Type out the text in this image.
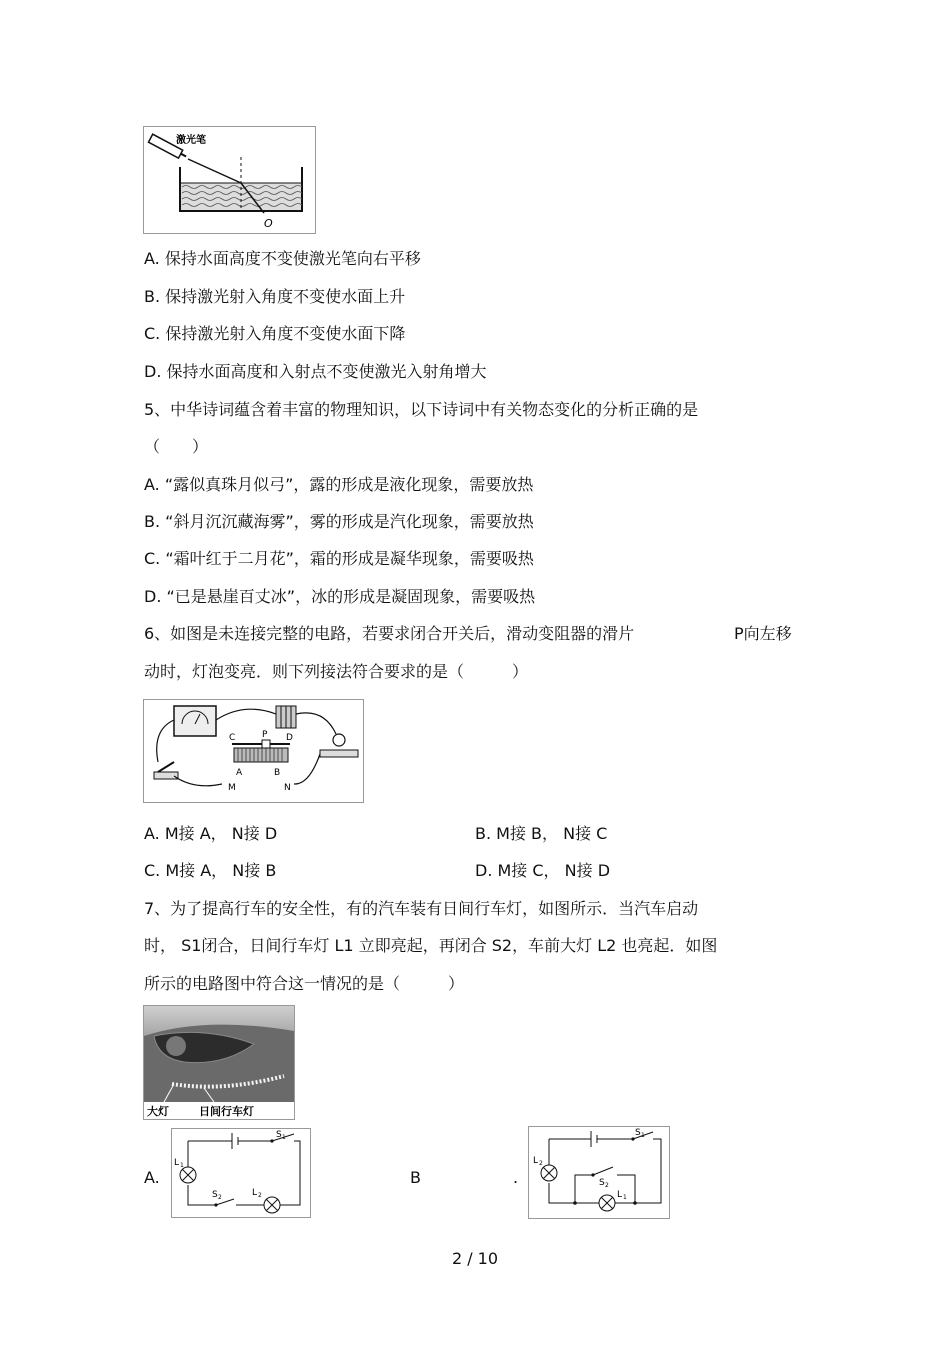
激光笔
O
A. 保持水面高度不变使激光笔向右平移
B. 保持激光射入角度不变使水面上升
C. 保持激光射入角度不变使水面下降
D. 保持水面高度和入射点不变使激光入射角增大
5、中华诗词蕴含着丰富的物理知识，以下诗词中有关物态变化的分析正确的是
（　　）
A. “露似真珠月似弓”，露的形成是液化现象，需要放热
B. “斜月沉沉藏海雾”，雾的形成是汽化现象，需要放热
C. “霜叶红于二月花”，霜的形成是凝华现象，需要吸热
D. “已是悬崖百丈冰”，冰的形成是凝固现象，需要吸热
6、如图是未连接完整的电路，若要求闭合开关后，滑动变阻器的滑片	P向左移
动时，灯泡变亮．则下列接法符合要求的是（　　　）
C	P D
A	B
M	N
A. M接 A， N接 D	B. M接 B， N接 C
C. M接 A， N接 B	D. M接 C， N接 D
7、为了提高行车的安全性，有的汽车装有日间行车灯，如图所示．当汽车启动
时， S1闭合，日间行车灯 L1 立即亮起，再闭合 S2，车前大灯 L2 也亮起．如图
所示的电路图中符合这一情况的是（　　　）
大灯	日间行车灯
A.
S 1
S 2
L 1
L 2
B	.
S 1
S 2
L 2
L 1
2 / 10
